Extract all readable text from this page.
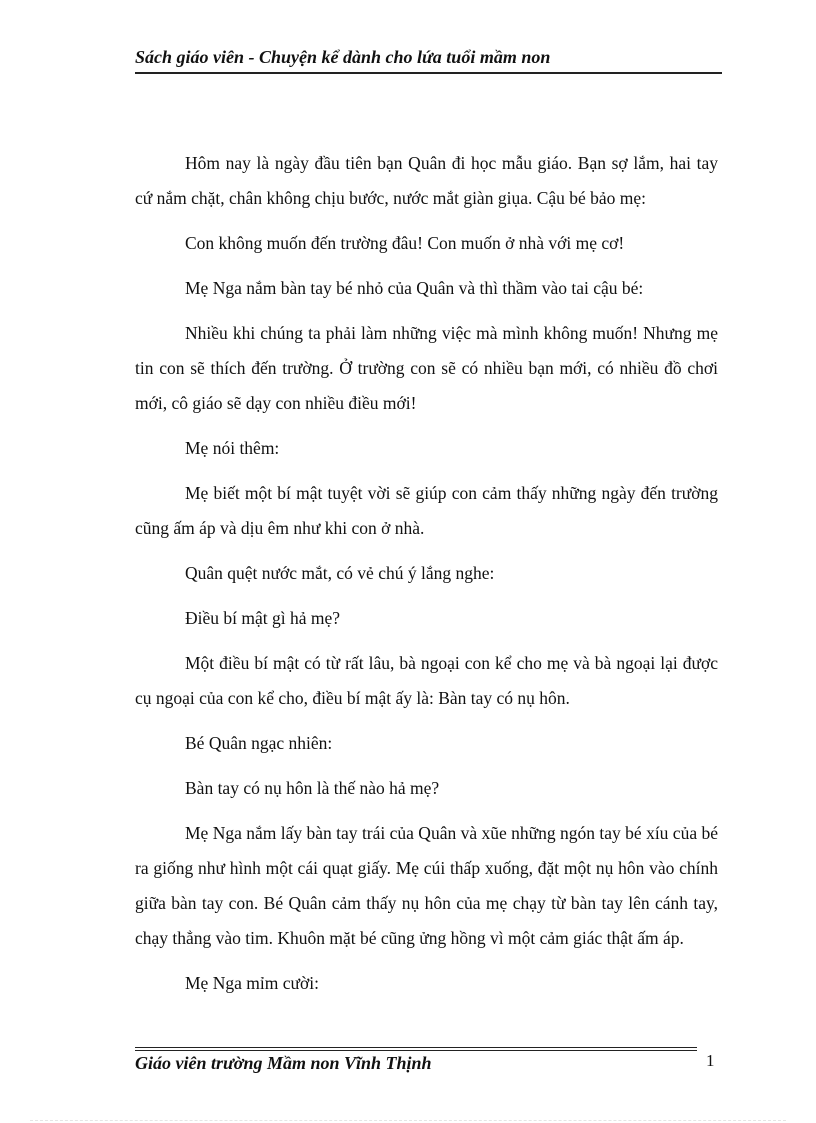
Sách giáo viên - Chuyện kể dành cho lứa tuổi mầm non

Hôm nay là ngày đầu tiên bạn Quân đi học mẫu giáo. Bạn sợ lắm, hai tay cứ nắm chặt, chân không chịu bước, nước mắt giàn giụa. Cậu bé bảo mẹ:

Con không muốn đến trường đâu! Con muốn ở nhà với mẹ cơ!

Mẹ Nga nắm bàn tay bé nhỏ của Quân và thì thầm vào tai cậu bé:

Nhiều khi chúng ta phải làm những việc mà mình không muốn! Nhưng mẹ tin con sẽ thích đến trường. Ở trường con sẽ có nhiều bạn mới, có nhiều đồ chơi mới, cô giáo sẽ dạy con nhiều điều mới!

Mẹ nói thêm:

Mẹ biết một bí mật tuyệt vời sẽ giúp con cảm thấy những ngày đến trường cũng ấm áp và dịu êm như khi con ở nhà.

Quân quệt nước mắt, có vẻ chú ý lắng nghe:

Điều bí mật gì hả mẹ?

Một điều bí mật có từ rất lâu, bà ngoại con kể cho mẹ và bà ngoại lại được cụ ngoại của con kể cho, điều bí mật ấy là: Bàn tay có nụ hôn.

Bé Quân ngạc nhiên:

Bàn tay có nụ hôn là thế nào hả mẹ?

Mẹ Nga nắm lấy bàn tay trái của Quân và xũe những ngón tay bé xíu của bé ra giống như hình một cái quạt giấy. Mẹ cúi thấp xuống, đặt một nụ hôn vào chính giữa bàn tay con. Bé Quân cảm thấy nụ hôn của mẹ chạy từ bàn tay lên cánh tay, chạy thẳng vào tim. Khuôn mặt bé cũng ửng hồng vì một cảm giác thật ấm áp.

Mẹ Nga mỉm cười:

Giáo viên trường Mầm non Vĩnh Thịnh	1
